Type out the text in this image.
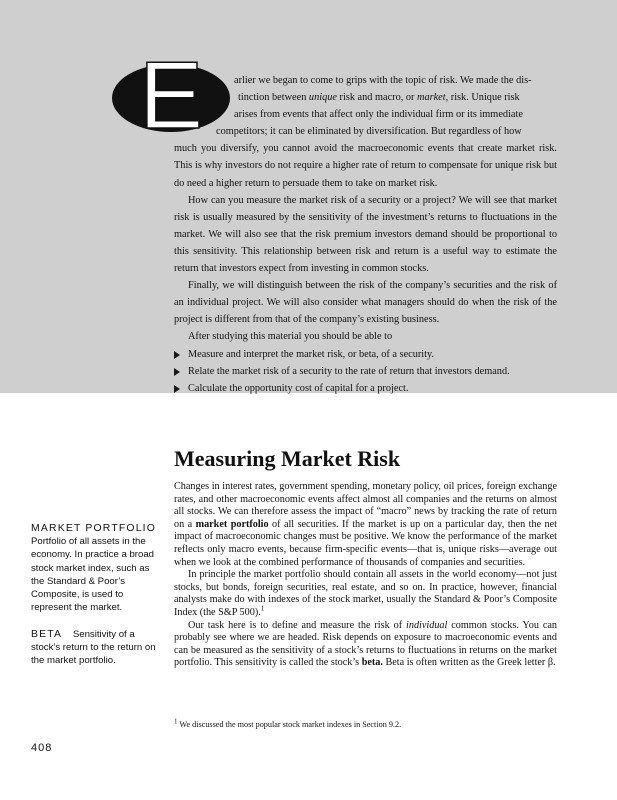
E	arlier we began to come to grips with the topic of risk. We made the dis-
tinction between unique risk and macro, or market, risk. Unique risk
arises from events that affect only the individual firm or its immediate
competitors; it can be eliminated by diversification. But regardless of how

much you diversify, you cannot avoid the macroeconomic events that create market risk. This is why investors do not require a higher rate of return to compensate for unique risk but do need a higher return to persuade them to take on market risk.

How can you measure the market risk of a security or a project? We will see that market risk is usually measured by the sensitivity of the investment’s returns to fluctuations in the market. We will also see that the risk premium investors demand should be proportional to this sensitivity. This relationship between risk and return is a useful way to estimate the return that investors expect from investing in common stocks.

Finally, we will distinguish between the risk of the company’s securities and the risk of an individual project. We will also consider what managers should do when the risk of the project is different from that of the company’s existing business.

After studying this material you should be able to

Measure and interpret the market risk, or beta, of a security.
Relate the market risk of a security to the rate of return that investors demand.
Calculate the opportunity cost of capital for a project.
Measuring Market Risk

Changes in interest rates, government spending, monetary policy, oil prices, foreign exchange rates, and other macroeconomic events affect almost all companies and the returns on almost all stocks. We can therefore assess the impact of “macro” news by tracking the rate of return on a market portfolio of all securities. If the market is up on a particular day, then the net impact of macroeconomic changes must be positive. We know the performance of the market reflects only macro events, because firm-specific events—that is, unique risks—average out when we look at the combined performance of thousands of companies and securities.

In principle the market portfolio should contain all assets in the world economy—not just stocks, but bonds, foreign securities, real estate, and so on. In practice, however, financial analysts make do with indexes of the stock market, usually the Standard & Poor’s Composite Index (the S&P 500).$^1$

Our task here is to define and measure the risk of individual common stocks. You can probably see where we are headed. Risk depends on exposure to macroeconomic events and can be measured as the sensitivity of a stock’s returns to fluctuations in returns on the market portfolio. This sensitivity is called the stock’s beta. Beta is often written as the Greek letter β.

$^1$ We discussed the most popular stock market indexes in Section 9.2.
MARKET PORTFOLIO
Portfolio of all assets in the economy. In practice a broad stock market index, such as the Standard & Poor’s Composite, is used to represent the market.
BETA Sensitivity of a stock’s return to the return on the market portfolio.
408
